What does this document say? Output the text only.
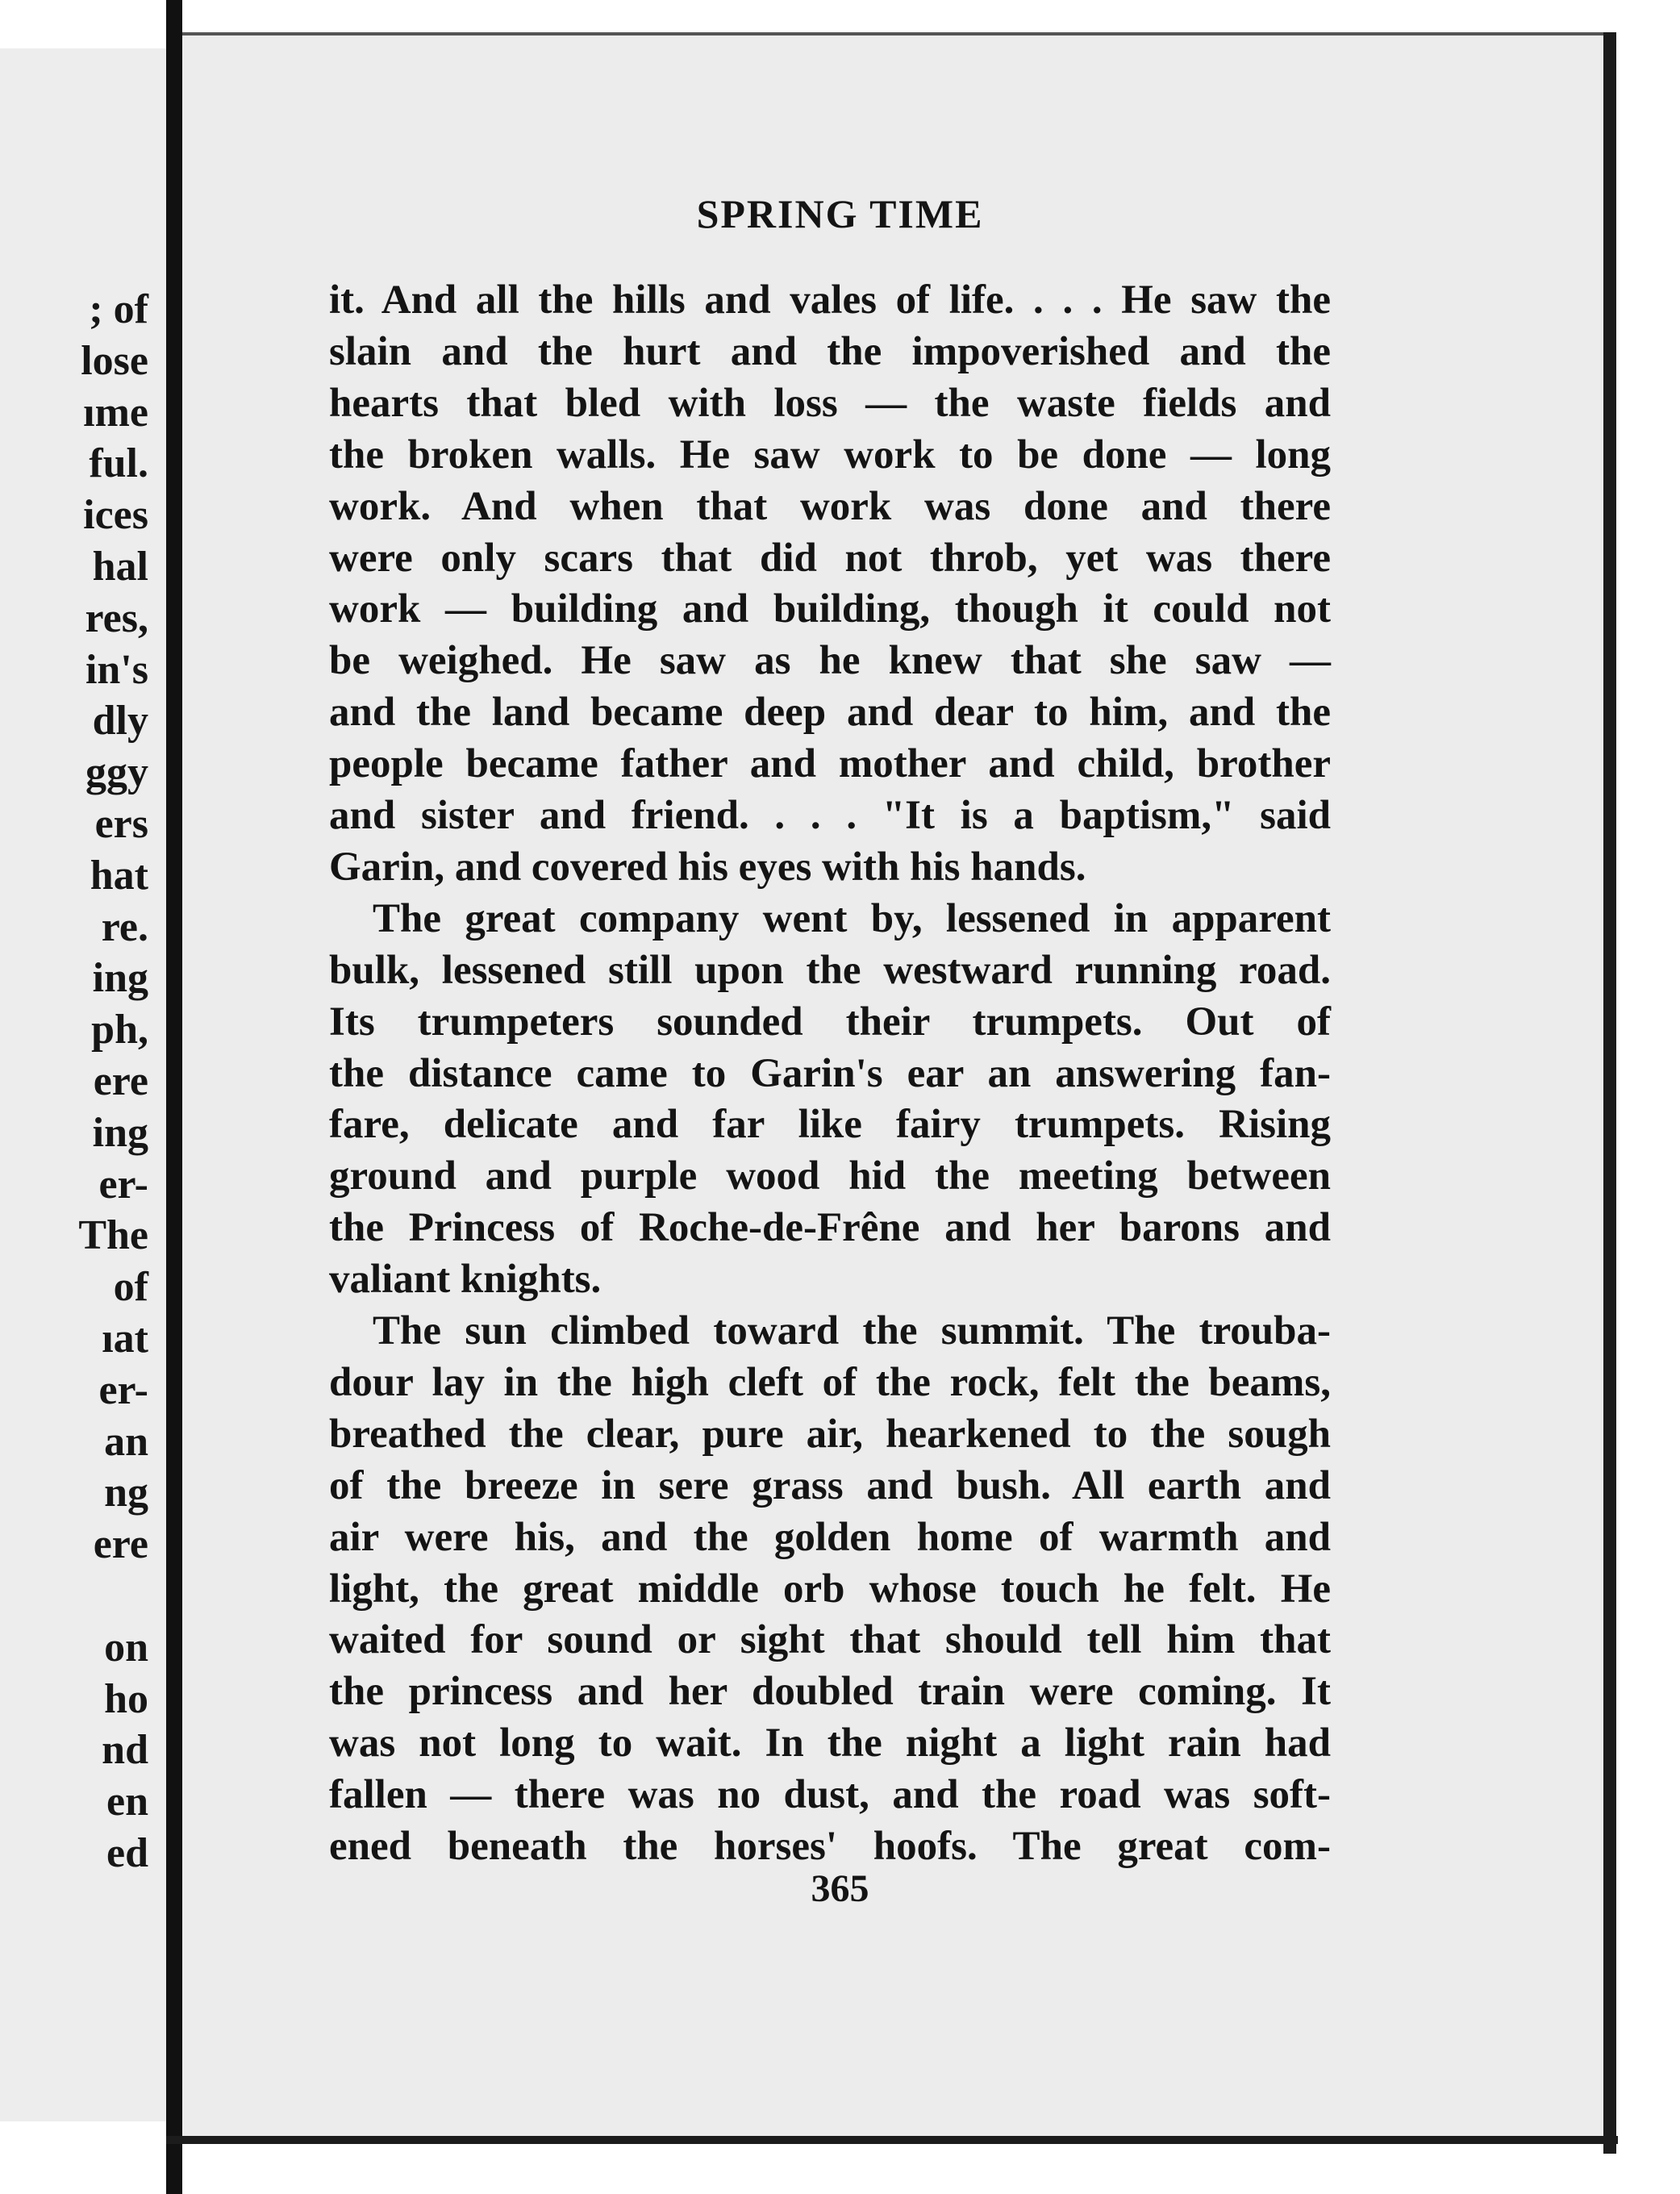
; of
lose
ıme
ful.
ices
hal
res,
in's
dly
ggy
ers
hat
re.
ing
ph,
ere
ing
er-
The
of
ıat
er-
an
ng
ere
on
ho
nd
en
ed
SPRING TIME
it. And all the hills and vales of life. . . . He saw the
slain and the hurt and the impoverished and the
hearts that bled with loss — the waste fields and
the broken walls. He saw work to be done — long
work. And when that work was done and there
were only scars that did not throb, yet was there
work — building and building, though it could not
be weighed. He saw as he knew that she saw —
and the land became deep and dear to him, and the
people became father and mother and child, brother
and sister and friend. . . . "It is a baptism," said
Garin, and covered his eyes with his hands.
The great company went by, lessened in apparent
bulk, lessened still upon the westward running road.
Its trumpeters sounded their trumpets. Out of
the distance came to Garin's ear an answering fan-
fare, delicate and far like fairy trumpets. Rising
ground and purple wood hid the meeting between
the Princess of Roche-de-Frêne and her barons and
valiant knights.
The sun climbed toward the summit. The trouba-
dour lay in the high cleft of the rock, felt the beams,
breathed the clear, pure air, hearkened to the sough
of the breeze in sere grass and bush. All earth and
air were his, and the golden home of warmth and
light, the great middle orb whose touch he felt. He
waited for sound or sight that should tell him that
the princess and her doubled train were coming. It
was not long to wait. In the night a light rain had
fallen — there was no dust, and the road was soft-
ened beneath the horses' hoofs. The great com-
365
